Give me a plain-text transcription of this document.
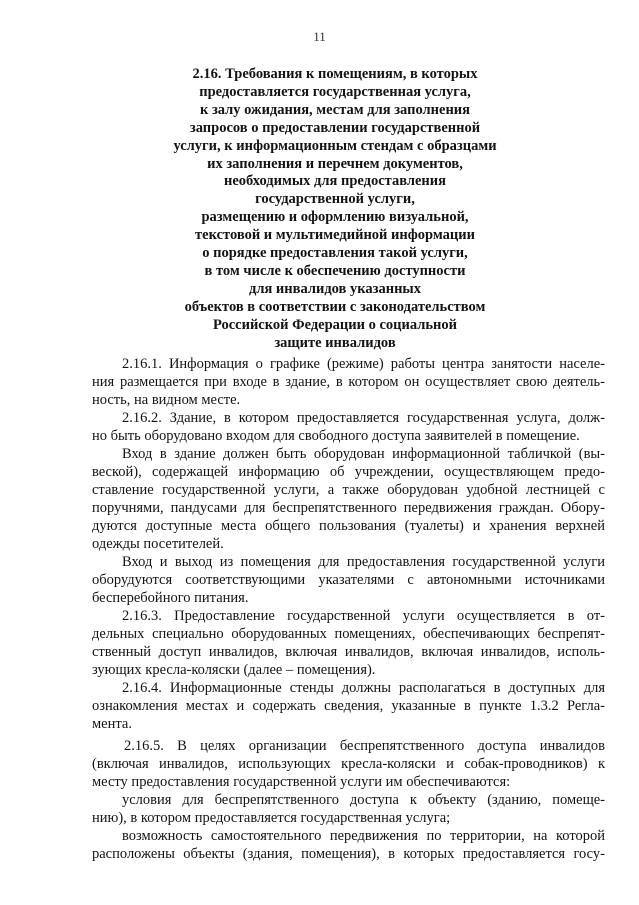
11
2.16. Требования к помещениям, в которых
предоставляется государственная услуга,
к залу ожидания, местам для заполнения
запросов о предоставлении государственной
услуги, к информационным стендам с образцами
их заполнения и перечнем документов,
необходимых для предоставления
государственной услуги,
размещению и оформлению визуальной,
текстовой и мультимедийной информации
о порядке предоставления такой услуги,
в том числе к обеспечению доступности
для инвалидов указанных
объектов в соответствии с законодательством
Российской Федерации о социальной
защите инвалидов
2.16.1. Информация о графике (режиме) работы центра занятости населе-
ния размещается при входе в здание, в котором он осуществляет свою деятель-
ность, на видном месте.
2.16.2. Здание, в котором предоставляется государственная услуга, долж-
но быть оборудовано входом для свободного доступа заявителей в помещение.
Вход в здание должен быть оборудован информационной табличкой (вы-
веской), содержащей информацию об учреждении, осуществляющем предо-
ставление государственной услуги, а также оборудован удобной лестницей с
поручнями, пандусами для беспрепятственного передвижения граждан. Обору-
дуются доступные места общего пользования (туалеты) и хранения верхней
одежды посетителей.
Вход и выход из помещения для предоставления государственной услуги
оборудуются соответствующими указателями с автономными источниками
бесперебойного питания.
2.16.3. Предоставление государственной услуги осуществляется в от-
дельных специально оборудованных помещениях, обеспечивающих беспрепят-
ственный доступ инвалидов, включая инвалидов, включая инвалидов, исполь-
зующих кресла-коляски (далее – помещения).
2.16.4. Информационные стенды должны располагаться в доступных для
ознакомления местах и содержать сведения, указанные в пункте 1.3.2 Регла-
мента.
2.16.5. В целях организации беспрепятственного доступа инвалидов
(включая инвалидов, использующих кресла-коляски и собак-проводников) к
месту предоставления государственной услуги им обеспечиваются:
условия для беспрепятственного доступа к объекту (зданию, помеще-
нию), в котором предоставляется государственная услуга;
возможность самостоятельного передвижения по территории, на которой
расположены объекты (здания, помещения), в которых предоставляется госу-
